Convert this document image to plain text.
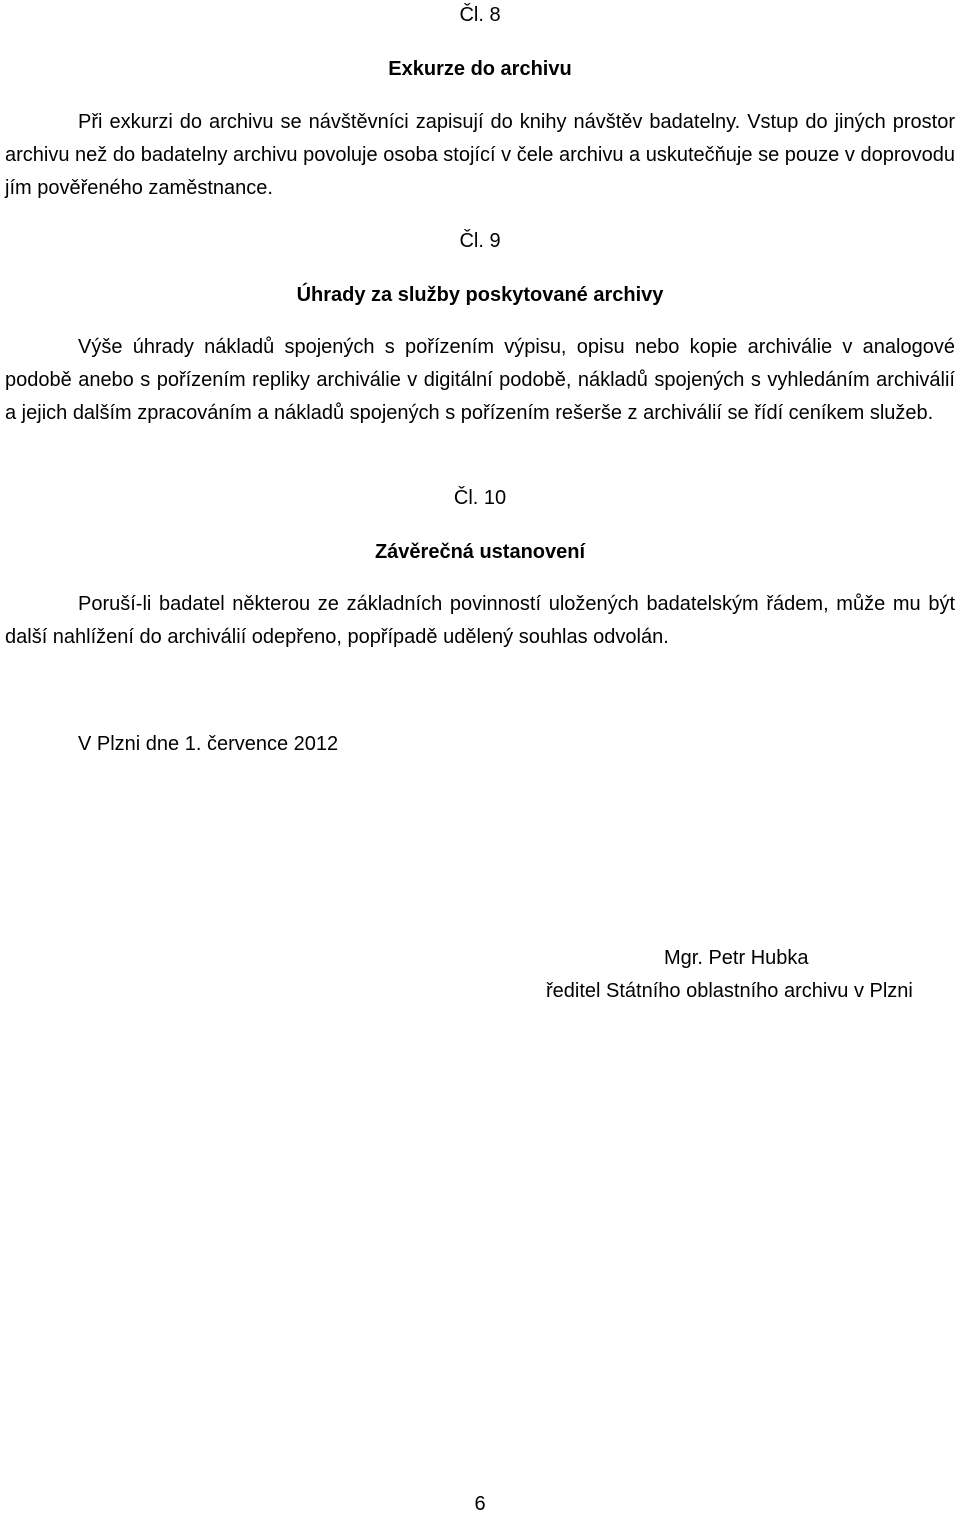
Čl. 8

Exkurze do archivu

Při exkurzi do archivu se návštěvníci zapisují do knihy návštěv badatelny. Vstup do jiných prostor archivu než do badatelny archivu povoluje osoba stojící v čele archivu a uskutečňuje se pouze v doprovodu jím pověřeného zaměstnance.

Čl. 9

Úhrady za služby poskytované archivy

Výše úhrady nákladů spojených s pořízením výpisu, opisu nebo kopie archiválie v analogové podobě anebo s pořízením repliky archiválie v digitální podobě, nákladů spojených s vyhledáním archiválií a jejich dalším zpracováním a nákladů spojených s pořízením rešerše z archiválií se řídí ceníkem služeb.

Čl. 10

Závěrečná ustanovení

Poruší-li badatel některou ze základních povinností uložených badatelským řádem, může mu být další nahlížení do archiválií odepřeno, popřípadě udělený souhlas odvolán.

V Plzni dne 1. července 2012

Mgr. Petr Hubka

ředitel Státního oblastního archivu v Plzni

6
